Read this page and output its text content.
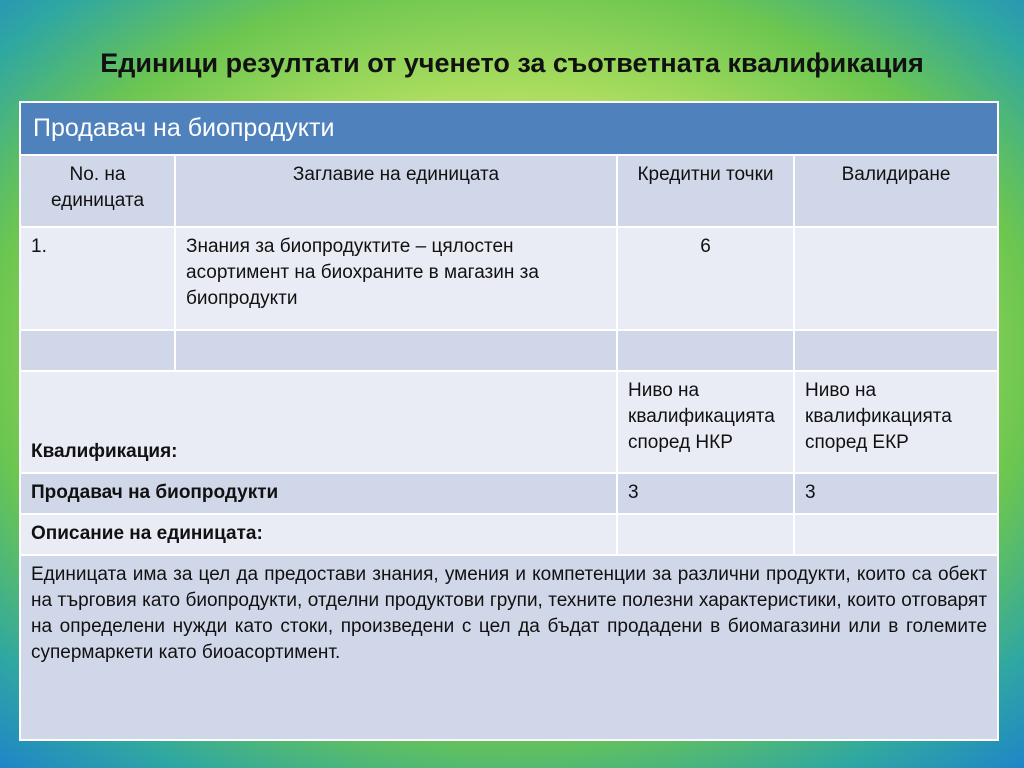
Единици резултати от ученето за съответната квалификация
Продавач на биопродукти			
No. на единицата	Заглавие на единицата	Кредитни точки	Валидиране
1.	Знания за биопродуктите – цялостен асортимент на биохраните в магазин за биопродукти	6	

Квалификация:		Ниво на квалификацията според НКР	Ниво на квалификацията според ЕКР
Продавач на биопродукти		3	3
Описание на единицата:			
Единицата има за цел да предостави знания, умения и компетенции за различни продукти, които са обект на търговия като биопродукти, отделни продуктови групи, техните полезни характеристики, които отговарят на определени нужди като стоки, произведени с цел да бъдат продадени в биомагазини или в големите супермаркети като биоасортимент.			
